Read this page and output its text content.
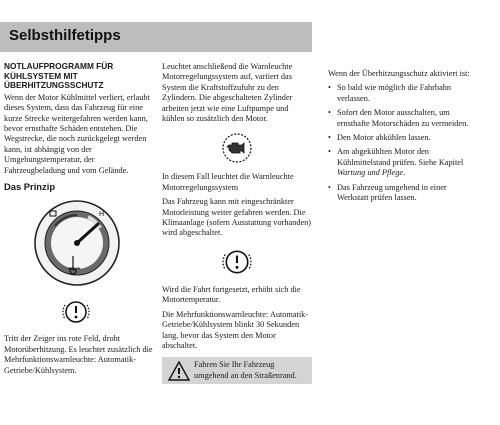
Selbsthilfetipps

NOTLAUFPROGRAMM FÜR KÜHLSYSTEM MIT ÜBERHITZUNGSSCHUTZ

Wenn der Motor Kühlmittel verliert, erlaubt dieses System, dass das Fahrzeug für eine kurze Strecke weitergefahren werden kann, bevor ernsthafte Schäden entstehen. Die Wegstrecke, die noch zurückgelegt werden kann, ist abhängig von der Umgebungstemperatur, der Fahrzeugbeladung und vom Gelände.

Das Prinzip

H

Tritt der Zeiger ins rote Feld, droht Motorüberhitzung. Es leuchtet zusätzlich die Mehrfunktionswarnleuchte: Automatik-Getriebe/Kühlsystem.

Leuchtet anschließend die Warnleuchte Motorregelungssystem auf, variiert das System die Kraftstoffzufuhr zu den Zylindern. Die abgeschalteten Zylinder arbeiten jetzt wie eine Luftpumpe und kühlen so zusätzlich den Motor.

In diesem Fall leuchtet die Warnleuchte Motorregelungssystem

Das Fahrzeug kann mit eingeschränkter Motorleistung weiter gefahren werden. Die Klimaanlage (sofern Ausstattung vorhanden) wird abgeschaltet.

Wird die Fahrt fortgesetzt, erhöht sich die Motortemperatur.

Die Mehrfunktionswarnleuchte: Automatik-Getriebe/Kühlsystem blinkt 30 Sekunden lang, bevor das System den Motor abschaltet.

Fahren Sie Ihr Fahrzeug umgehend an den Straßenrand.

Wenn der Überhitzungsschutz aktiviert ist:

• So bald wie möglich die Fahrbahn verlassen.
• Sofort den Motor ausschalten, um ernsthafte Motorschäden zu vermeiden.
• Den Motor abkühlen lassen.
• Am abgekühlten Motor den Kühlmittelstand prüfen. Siehe Kapitel Wartung und Pflege.
• Das Fahrzeug umgehend in einer Werkstatt prüfen lassen.
